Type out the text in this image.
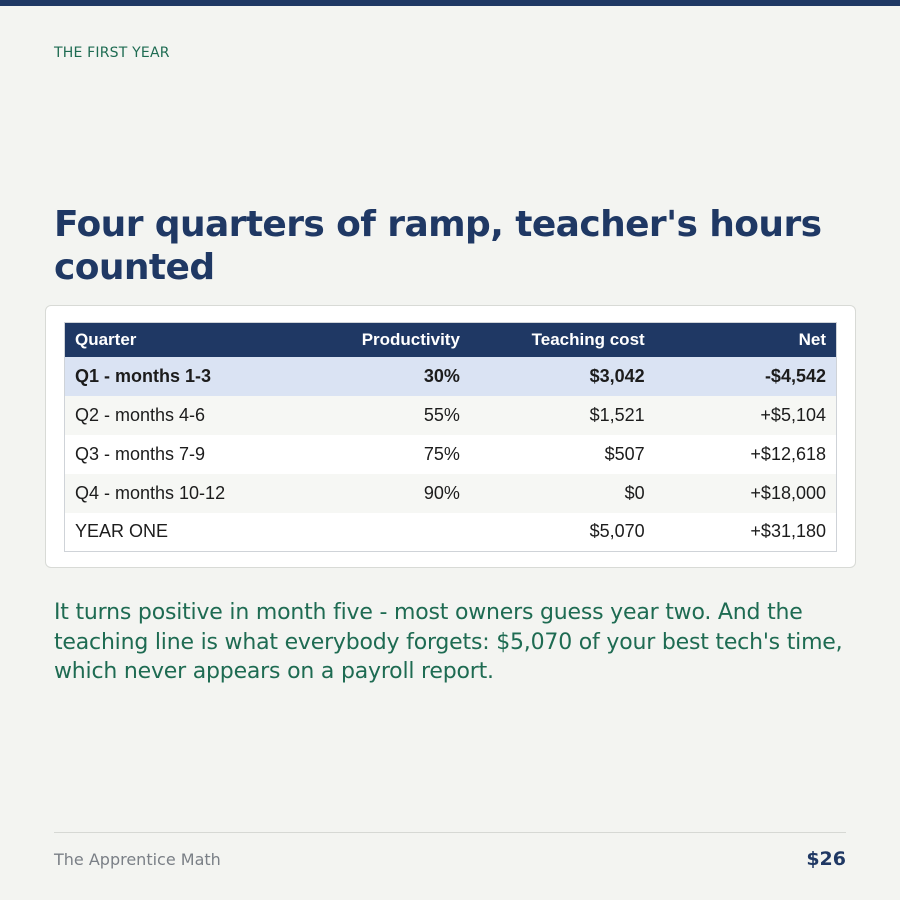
THE FIRST YEAR
Four quarters of ramp, teacher's hours counted
Quarter	Productivity	Teaching cost	Net
Q1 - months 1-3	30%	$3,042	-$4,542
Q2 - months 4-6	55%	$1,521	+$5,104
Q3 - months 7-9	75%	$507	+$12,618
Q4 - months 10-12	90%	$0	+$18,000
YEAR ONE		$5,070	+$31,180

It turns positive in month five - most owners guess year two. And the teaching line is what everybody forgets: $5,070 of your best tech's time, which never appears on a payroll report.

The Apprentice Math	$26
